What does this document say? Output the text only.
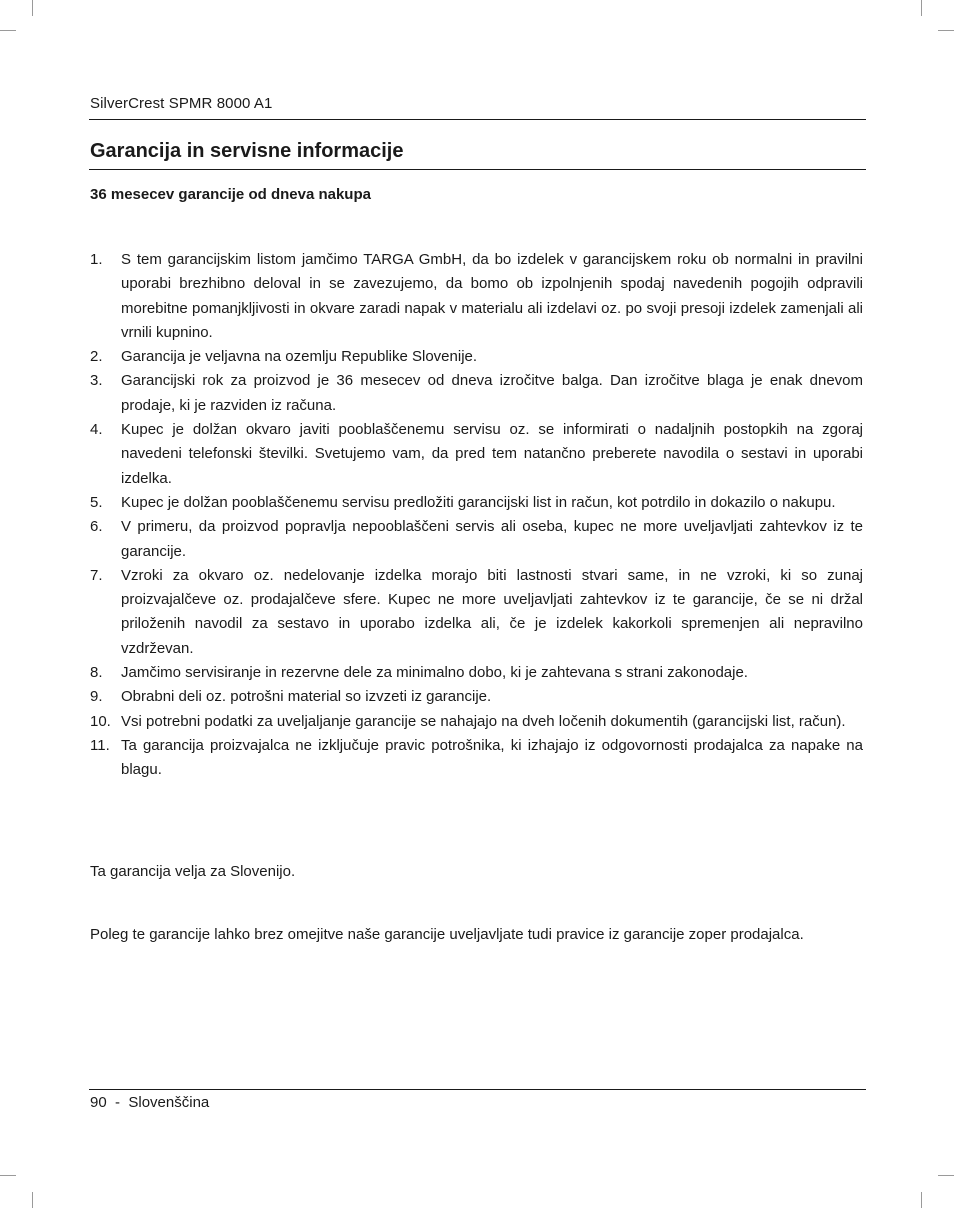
SilverCrest SPMR 8000 A1
Garancija in servisne informacije
36 mesecev garancije od dneva nakupa
1. S tem garancijskim listom jamčimo TARGA GmbH, da bo izdelek v garancijskem roku ob normalni in pravilni uporabi brezhibno deloval in se zavezujemo, da bomo ob izpolnjenih spodaj navedenih pogojih odpravili morebitne pomanjkljivosti in okvare zaradi napak v materialu ali izdelavi oz. po svoji presoji izdelek zamenjali ali vrnili kupnino.
2. Garancija je veljavna na ozemlju Republike Slovenije.
3. Garancijski rok za proizvod je 36 mesecev od dneva izročitve balga. Dan izročitve blaga je enak dnevom prodaje, ki je razviden iz računa.
4. Kupec je dolžan okvaro javiti pooblaščenemu servisu oz. se informirati o nadaljnih postopkih na zgoraj navedeni telefonski številki. Svetujemo vam, da pred tem natančno preberete navodila o sestavi in uporabi izdelka.
5. Kupec je dolžan pooblaščenemu servisu predložiti garancijski list in račun, kot potrdilo in dokazilo o nakupu.
6. V primeru, da proizvod popravlja nepooblaščeni servis ali oseba, kupec ne more uveljavljati zahtevkov iz te garancije.
7. Vzroki za okvaro oz. nedelovanje izdelka morajo biti lastnosti stvari same, in ne vzroki, ki so zunaj proizvajalčeve oz. prodajalčeve sfere. Kupec ne more uveljavljati zahtevkov iz te garancije, če se ni držal priloženih navodil za sestavo in uporabo izdelka ali, če je izdelek kakorkoli spremenjen ali nepravilno vzdrževan.
8. Jamčimo servisiranje in rezervne dele za minimalno dobo, ki je zahtevana s strani zakonodaje.
9. Obrabni deli oz. potrošni material so izvzeti iz garancije.
10. Vsi potrebni podatki za uveljaljanje garancije se nahajajo na dveh ločenih dokumentih (garancijski list, račun).
11. Ta garancija proizvajalca ne izključuje pravic potrošnika, ki izhajajo iz odgovornosti prodajalca za napake na blagu.

Ta garancija velja za Slovenijo.

Poleg te garancije lahko brez omejitve naše garancije uveljavljate tudi pravice iz garancije zoper prodajalca.

90 - Slovenščina
